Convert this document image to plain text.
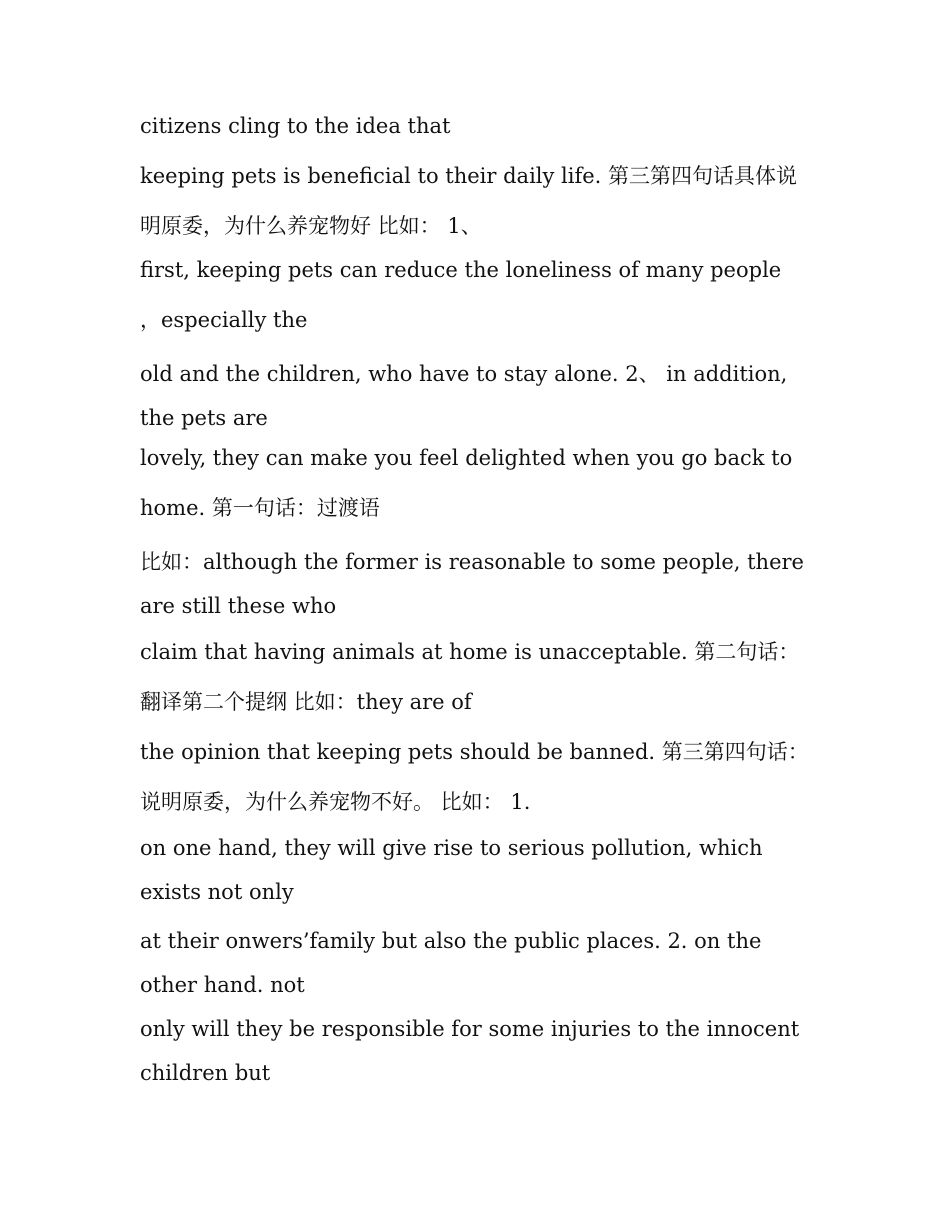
citizens cling to the idea that

keeping pets is beneficial to their daily life. 第三第四句话具体说

明原委，为什么养宠物好 比如： 1、

first, keeping pets can reduce the loneliness of many people

，especially the

old and the children, who have to stay alone. 2、 in addition, the pets are

lovely, they can make you feel delighted when you go back to

home. 第一句话：过渡语

比如：although the former is reasonable to some people, there are still these who

claim that having animals at home is unacceptable. 第二句话：

翻译第二个提纲 比如：they are of

the opinion that keeping pets should be banned. 第三第四句话：

说明原委，为什么养宠物不好。 比如： 1.

on one hand, they will give rise to serious pollution, which exists not only

at their onwers’family but also the public places. 2. on the other hand. not

only will they be responsible for some injuries to the innocent children but
